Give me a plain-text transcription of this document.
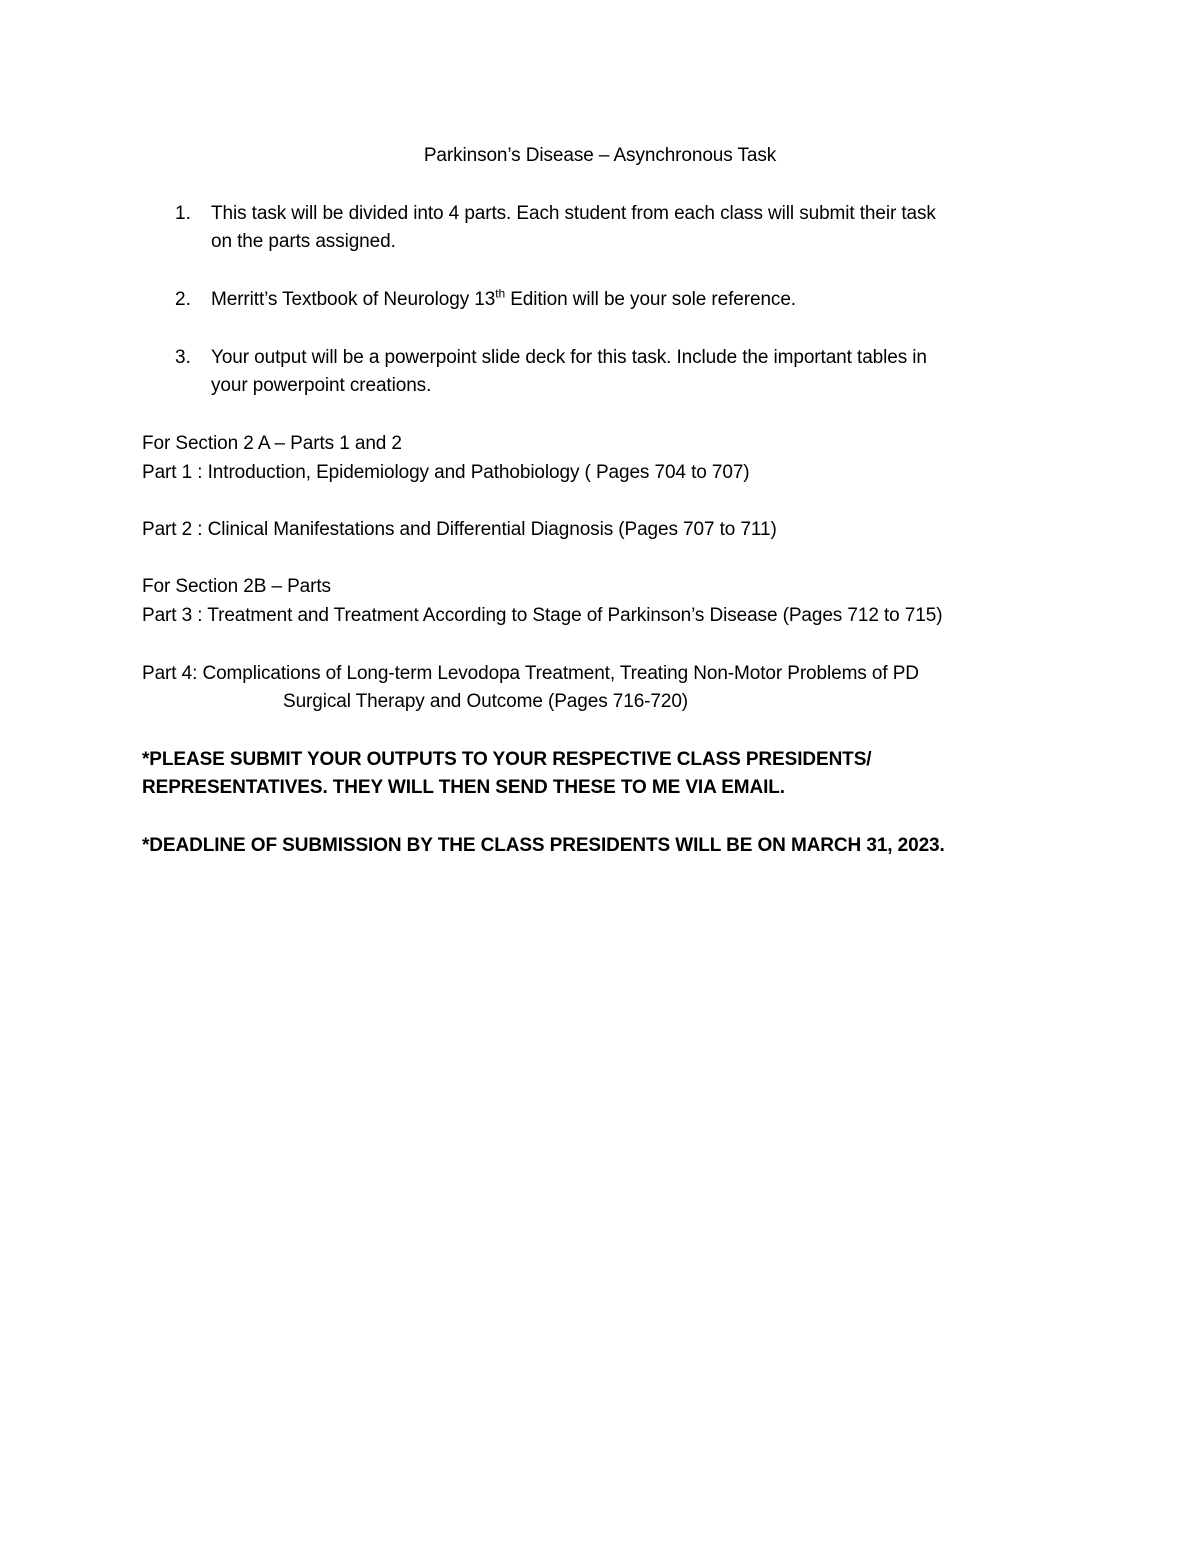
Parkinson’s Disease – Asynchronous Task
1. This task will be divided into 4 parts. Each student from each class will submit their task
on the parts assigned.
2. Merritt’s Textbook of Neurology 13th Edition will be your sole reference.
3. Your output will be a powerpoint slide deck for this task. Include the important tables in
your powerpoint creations.
For Section 2 A – Parts 1 and 2
Part 1 : Introduction, Epidemiology and Pathobiology ( Pages 704 to 707)
Part 2 : Clinical Manifestations and Differential Diagnosis (Pages 707 to 711)
For Section 2B – Parts
Part 3 : Treatment and Treatment According to Stage of Parkinson’s Disease (Pages 712 to 715)
Part 4: Complications of Long-term Levodopa Treatment, Treating Non-Motor Problems of PD
Surgical Therapy and Outcome (Pages 716-720)
*PLEASE SUBMIT YOUR OUTPUTS TO YOUR RESPECTIVE CLASS PRESIDENTS/
REPRESENTATIVES. THEY WILL THEN SEND THESE TO ME VIA EMAIL.
*DEADLINE OF SUBMISSION BY THE CLASS PRESIDENTS WILL BE ON MARCH 31, 2023.
